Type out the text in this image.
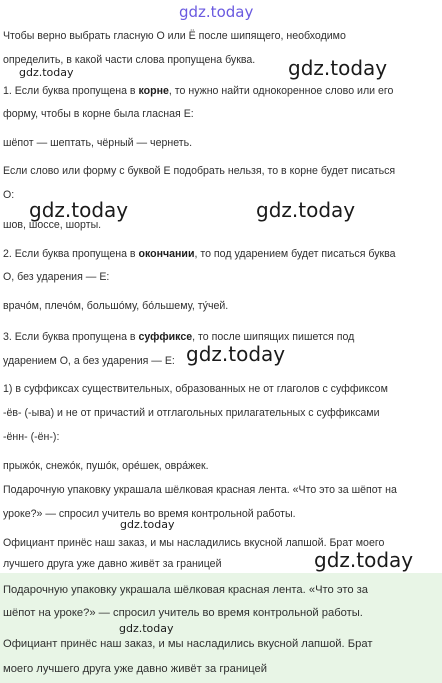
gdz.today
Чтобы верно выбрать гласную О или Ё после шипящего, необходимо
определить, в какой части слова пропущена буква. gdz.today
gdz.today
1. Если буква пропущена в корне, то нужно найти однокоренное слово или его
форму, чтобы в корне была гласная Е:
шёпот — шептать, чёрный — чернеть.
Если слово или форму с буквой Е подобрать нельзя, то в корне будет писаться
О:
gdz.today	gdz.today
шов, шоссе, шорты.
2. Если буква пропущена в окончании, то под ударением будет писаться буква
О, без ударения — Е:
врачо́м, плечо́м, большо́му, бо́льшему, ту́чей.
3. Если буква пропущена в суффиксе, то после шипящих пишется под
ударением О, а без ударения — Е: gdz.today
1) в суффиксах существительных, образованных не от глаголов с суффиксом
-ёв- (-ыва) и не от причастий и отглагольных прилагательных с суффиксами
-ённ- (-ён-):
прыжо́к, снежо́к, пушо́к, оре́шек, овра́жек.
Подарочную упаковку украшала шёлковая красная лента. «Что это за шёпот на
уроке?» — спросил учитель во время контрольной работы.
gdz.today
Официант принёс наш заказ, и мы насладились вкусной лапшой. Брат моего
лучшего друга уже давно живёт за границей	gdz.today
Подарочную упаковку украшала шёлковая красная лента. «Что это за
шёпот на уроке?» — спросил учитель во время контрольной работы.
gdz.today
Официант принёс наш заказ, и мы насладились вкусной лапшой. Брат
моего лучшего друга уже давно живёт за границей
